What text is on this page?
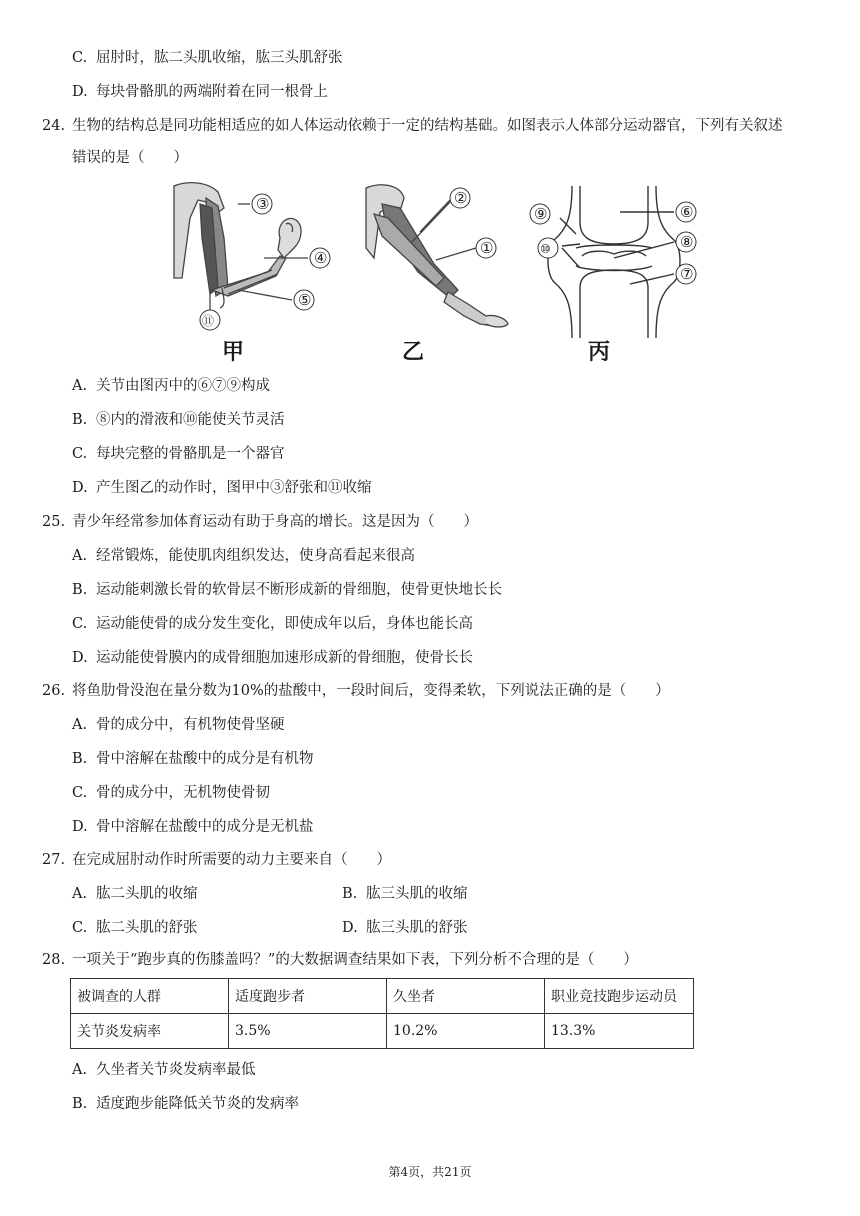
C. 屈肘时，肱二头肌收缩，肱三头肌舒张
D. 每块骨骼肌的两端附着在同一根骨上
24. 生物的结构总是同功能相适应的如人体运动依赖于一定的结构基础。如图表示人体部分运动器官，下列有关叙述
错误的是（　　）
③
④
⑤
⑪
②
①
⑨
⑩
⑥
⑧
⑦
甲	乙	丙
A. 关节由图丙中的⑥⑦⑨构成
B. ⑧内的滑液和⑩能使关节灵活
C. 每块完整的骨骼肌是一个器官
D. 产生图乙的动作时，图甲中③舒张和⑪收缩
25. 青少年经常参加体育运动有助于身高的增长。这是因为（　　）
A. 经常锻炼，能使肌肉组织发达，使身高看起来很高
B. 运动能刺激长骨的软骨层不断形成新的骨细胞，使骨更快地长长
C. 运动能使骨的成分发生变化，即使成年以后，身体也能长高
D. 运动能使骨膜内的成骨细胞加速形成新的骨细胞，使骨长长
26. 将鱼肋骨没泡在量分数为10%的盐酸中，一段时间后，变得柔软，下列说法正确的是（　　）
A. 骨的成分中，有机物使骨坚硬
B. 骨中溶解在盐酸中的成分是有机物
C. 骨的成分中，无机物使骨韧
D. 骨中溶解在盐酸中的成分是无机盐
27. 在完成屈肘动作时所需要的动力主要来自（　　）
A. 肱二头肌的收缩	B. 肱三头肌的收缩
C. 肱二头肌的舒张	D. 肱三头肌的舒张
28. 一项关于“跑步真的伤膝盖吗？”的大数据调查结果如下表，下列分析不合理的是（　　）
被调查的人群	适度跑步者	久坐者	职业竞技跑步运动员
关节炎发病率	3.5%	10.2%	13.3%
A. 久坐者关节炎发病率最低
B. 适度跑步能降低关节炎的发病率
第4页，共21页
